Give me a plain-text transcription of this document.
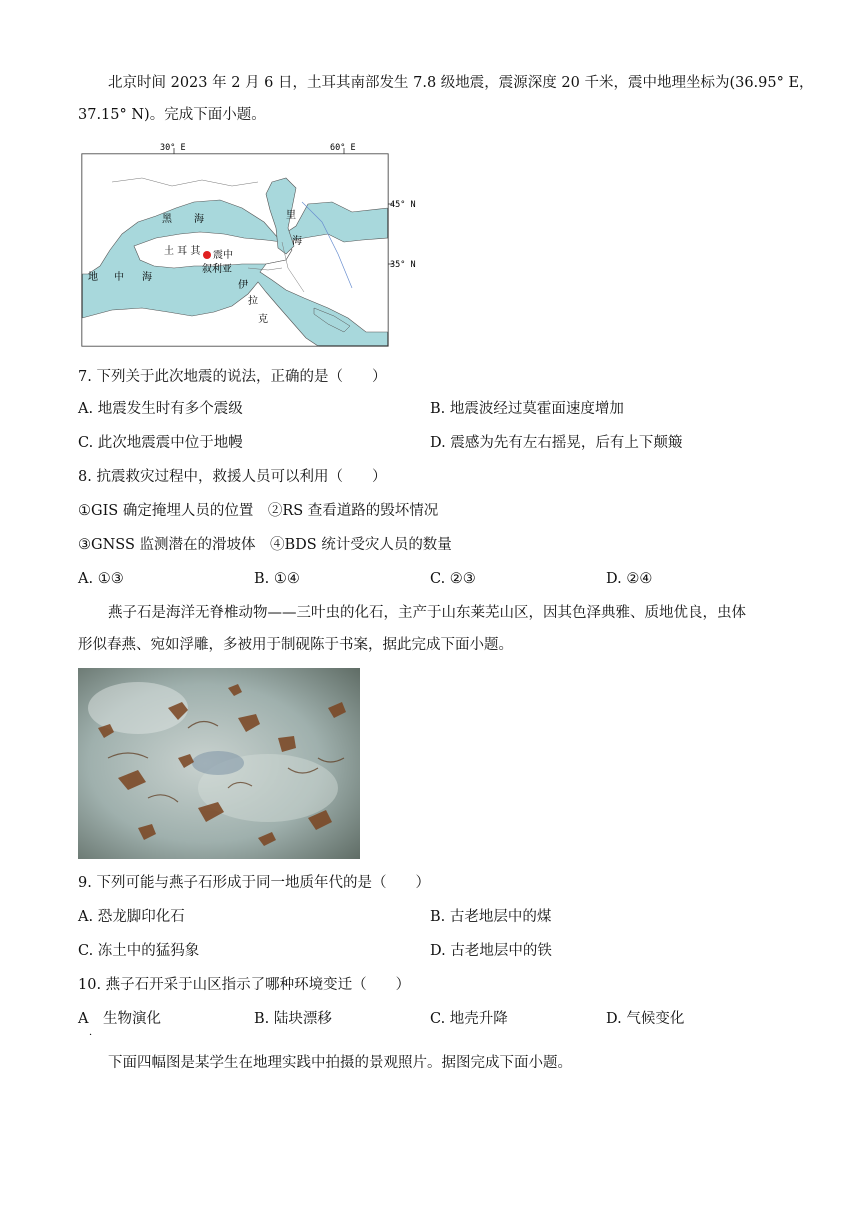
北京时间 2023 年 2 月 6 日，土耳其南部发生 7.8 级地震，震源深度 20 千米，震中地理坐标为(36.95° E，
37.15° N)。完成下面小题。
30° E	60° E
45° N
35° N
黑 海	里
海
土 耳 其 震中
叙利亚
地 中 海
伊
拉
克
7. 下列关于此次地震的说法，正确的是（　　）
A. 地震发生时有多个震级	B. 地震波经过莫霍面速度增加
C. 此次地震震中位于地幔	D. 震感为先有左右摇晃，后有上下颠簸
8. 抗震救灾过程中，救援人员可以利用（　　）
①GIS 确定掩埋人员的位置　②RS 查看道路的毁坏情况
③GNSS 监测潜在的滑坡体　④BDS 统计受灾人员的数量
A. ①③	B. ①④	C. ②③	D. ②④
燕子石是海洋无脊椎动物——三叶虫的化石，主产于山东莱芜山区，因其色泽典雅、质地优良，虫体
形似春燕、宛如浮雕，多被用于制砚陈于书案，据此完成下面小题。
9. 下列可能与燕子石形成于同一地质年代的是（　　）
A. 恐龙脚印化石	B. 古老地层中的煤
C. 冻土中的猛犸象	D. 古老地层中的铁
10. 燕子石开采于山区指示了哪种环境变迁（　　）
A　生物演化
．
B. 陆块漂移	C. 地壳升降	D. 气候变化
下面四幅图是某学生在地理实践中拍摄的景观照片。据图完成下面小题。
